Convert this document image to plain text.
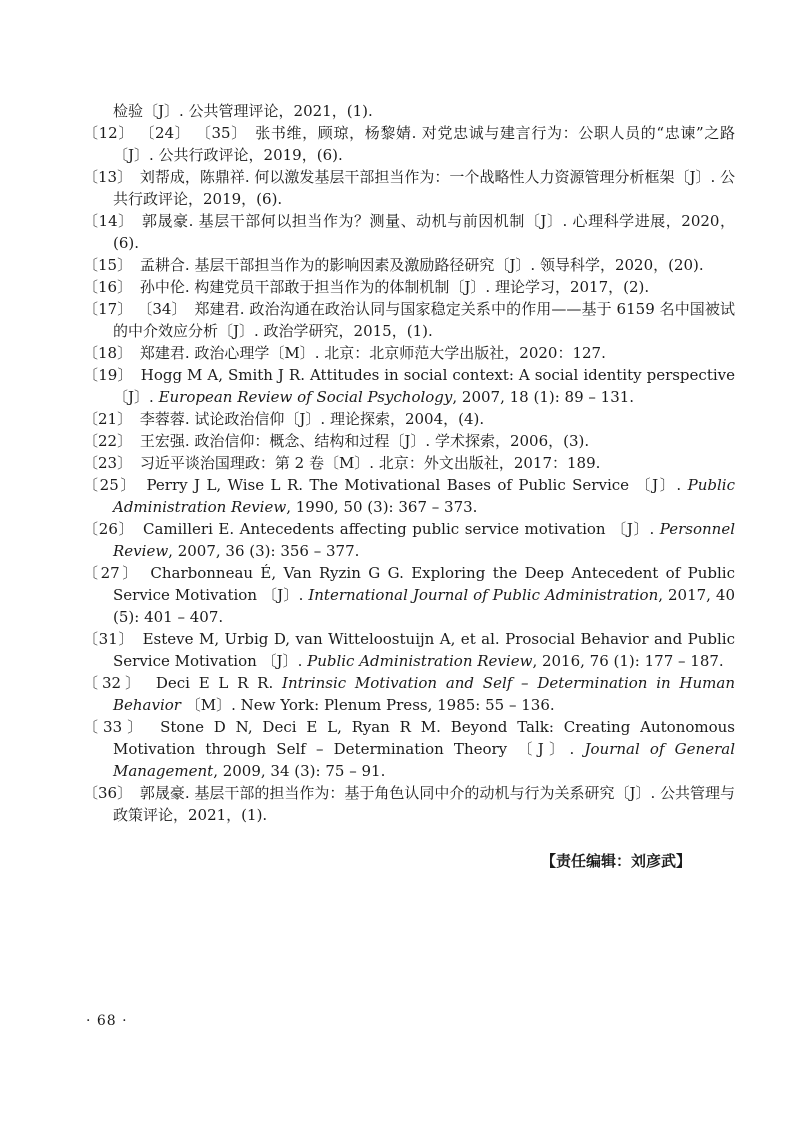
检验〔J〕. 公共管理评论，2021，(1).

〔12〕 〔24〕 〔35〕 张书维，顾琼，杨黎婧. 对党忠诚与建言行为：公职人员的“忠谏”之路〔J〕. 公共行政评论，2019，(6).

〔13〕 刘帮成，陈鼎祥. 何以激发基层干部担当作为：一个战略性人力资源管理分析框架〔J〕. 公共行政评论，2019，(6).

〔14〕 郭晟豪. 基层干部何以担当作为？测量、动机与前因机制〔J〕. 心理科学进展，2020，(6).

〔15〕 孟耕合. 基层干部担当作为的影响因素及激励路径研究〔J〕. 领导科学，2020，(20).

〔16〕 孙中伦. 构建党员干部敢于担当作为的体制机制〔J〕. 理论学习，2017，(2).

〔17〕 〔34〕 郑建君. 政治沟通在政治认同与国家稳定关系中的作用——基于 6159 名中国被试的中介效应分析〔J〕. 政治学研究，2015，(1).

〔18〕 郑建君. 政治心理学〔M〕. 北京：北京师范大学出版社，2020：127.

〔19〕 Hogg M A, Smith J R. Attitudes in social context: A social identity perspective 〔J〕. European Review of Social Psychology, 2007, 18 (1): 89 – 131.

〔21〕 李蓉蓉. 试论政治信仰〔J〕. 理论探索，2004，(4).

〔22〕 王宏强. 政治信仰：概念、结构和过程〔J〕. 学术探索，2006，(3).

〔23〕 习近平谈治国理政：第 2 卷〔M〕. 北京：外文出版社，2017：189.

〔25〕 Perry J L, Wise L R. The Motivational Bases of Public Service 〔J〕. Public Administration Review, 1990, 50 (3): 367 – 373.

〔26〕 Camilleri E. Antecedents affecting public service motivation 〔J〕. Personnel Review, 2007, 36 (3): 356 – 377.

〔27〕 Charbonneau É, Van Ryzin G G. Exploring the Deep Antecedent of Public Service Motivation 〔J〕. International Journal of Public Administration, 2017, 40 (5): 401 – 407.

〔31〕 Esteve M, Urbig D, van Witteloostuijn A, et al. Prosocial Behavior and Public Service Motivation 〔J〕. Public Administration Review, 2016, 76 (1): 177 – 187.

〔32〕 Deci E L R R. Intrinsic Motivation and Self – Determination in Human Behavior 〔M〕. New York: Plenum Press, 1985: 55 – 136.

〔33〕 Stone D N, Deci E L, Ryan R M. Beyond Talk: Creating Autonomous Motivation through Self – Determination Theory 〔J〕. Journal of General Management, 2009, 34 (3): 75 – 91.

〔36〕 郭晟豪. 基层干部的担当作为：基于角色认同中介的动机与行为关系研究〔J〕. 公共管理与政策评论，2021，(1).

【责任编辑：刘彦武】

· 68 ·
